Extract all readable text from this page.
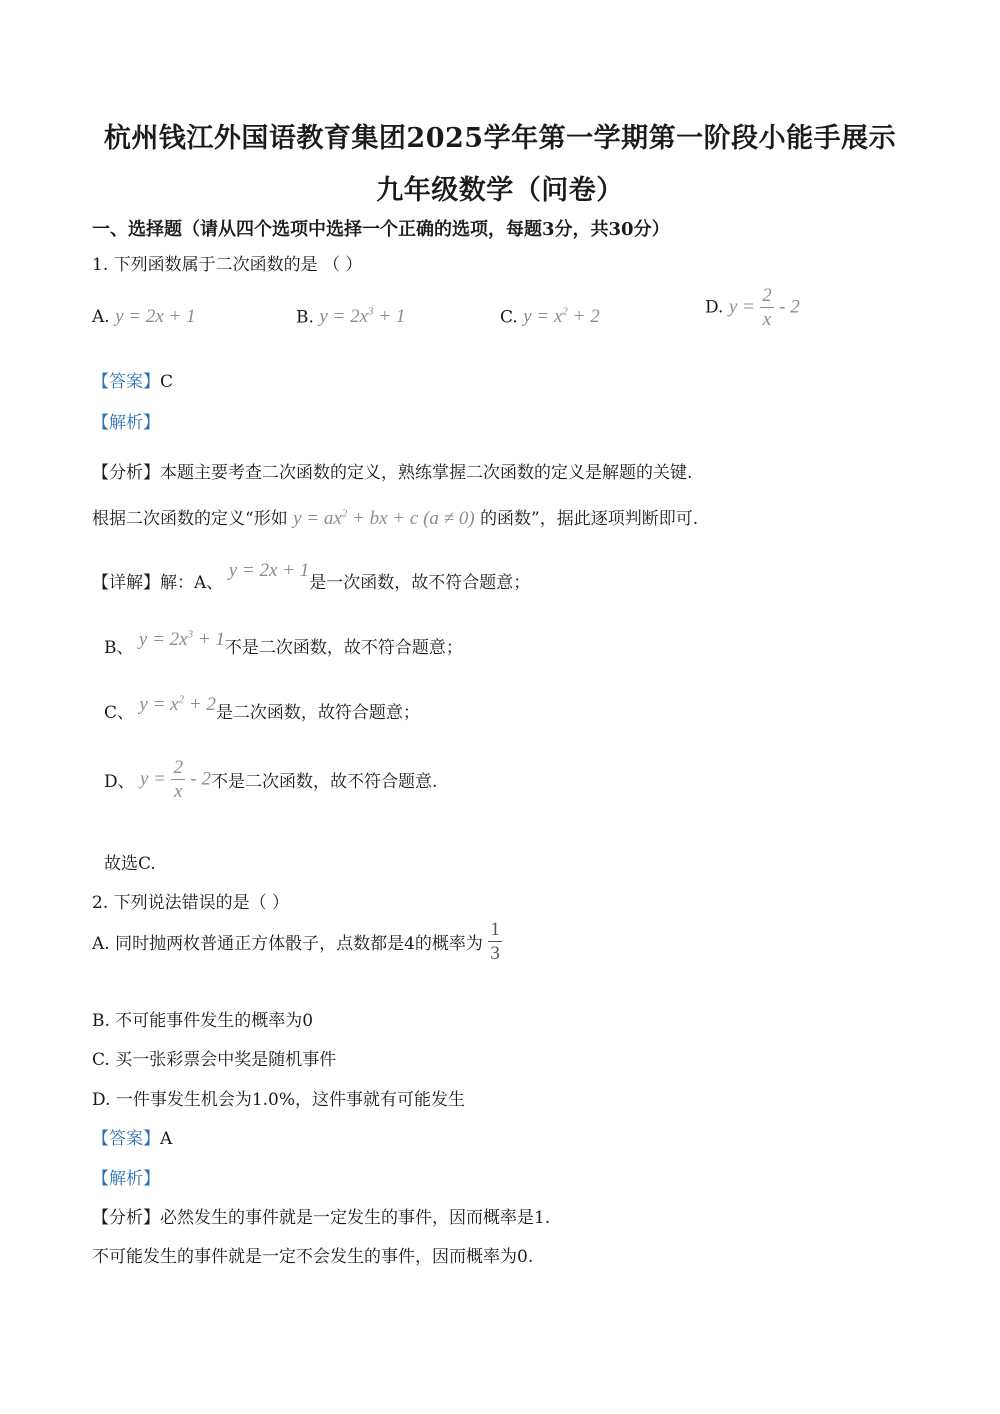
杭州钱江外国语教育集团2025学年第一学期第一阶段小能手展示
九年级数学（问卷）
一、选择题（请从四个选项中选择一个正确的选项，每题3分，共30分）
1. 下列函数属于二次函数的是 （ ）
A. y = 2x + 1	B. $y = 2x^3 + 1$	C. $y = x^2 + 2$	D. $y = \frac{2}{x} - 2$
【答案】C
【解析】
【分析】本题主要考查二次函数的定义，熟练掌握二次函数的定义是解题的关键.
根据二次函数的定义“形如 $y = ax^2$ + bx + c (a ≠ 0) 的函数”，据此逐项判断即可.
【详解】解：A、 y = 2x + 1是一次函数，故不符合题意；
B、 $y = 2x^3 + 1$不是二次函数，故不符合题意；
C、 $y = x^2 + 2$是二次函数，故符合题意；
D、 $y = \frac{2}{x} - 2$不是二次函数，故不符合题意.
故选C.
2. 下列说法错误的是（ ）
A. 同时抛两枚普通正方体骰子，点数都是4的概率为 $\frac{1}{3}$
B. 不可能事件发生的概率为0
C. 买一张彩票会中奖是随机事件
D. 一件事发生机会为1.0%，这件事就有可能发生
【答案】A
【解析】
【分析】必然发生的事件就是一定发生的事件，因而概率是1.
不可能发生的事件就是一定不会发生的事件，因而概率为0.
